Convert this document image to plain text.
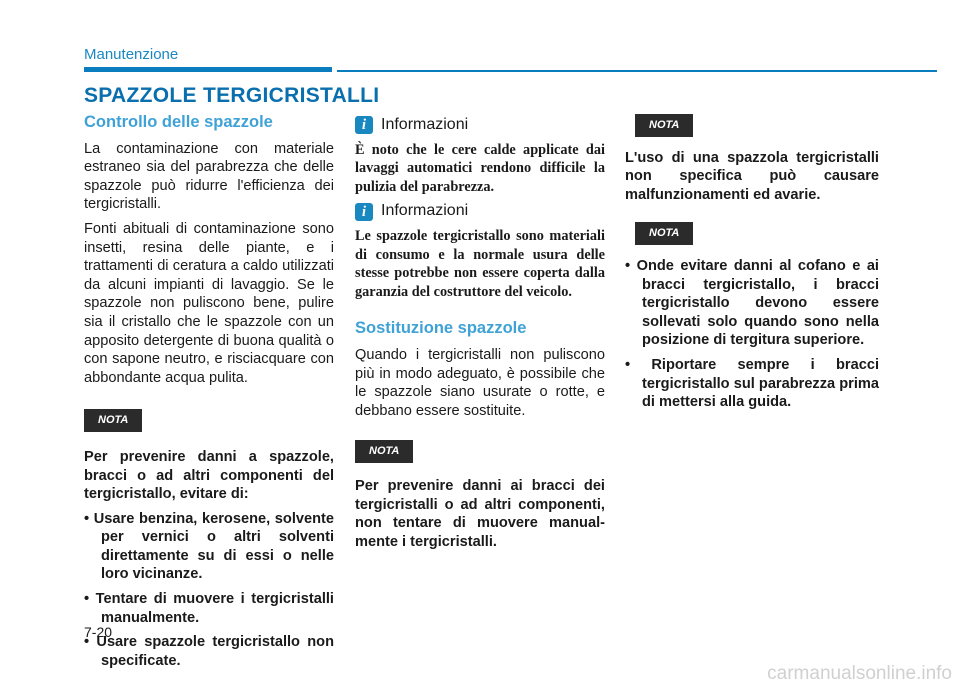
Manutenzione
SPAZZOLE TERGICRISTALLI
Controllo delle spazzole

La contaminazione con materiale estraneo sia del parabrezza che delle spazzole può ridurre l'efficienza dei tergicristalli.

Fonti abituali di contaminazione sono insetti, resina delle piante, e i trattamenti di ceratura a caldo utilizzati da alcuni impianti di lavaggio. Se le spazzole non puliscono bene, pulire sia il cristallo che le spazzole con un apposito detergente di buona qualità o con sapone neutro, e risciacquare con abbondante acqua pulita.

NOTA

Per prevenire danni a spazzole, bracci o ad altri componenti del tergicristallo, evitare di:

• Usare benzina, kerosene, solvente per vernici o altri solventi direttamente su di essi o nelle loro vicinanze.
• Tentare di muovere i tergicristalli manualmente.
• Usare spazzole tergicristallo non specificate.
i Informazioni

È noto che le cere calde applicate dai lavaggi automatici rendono difficile la pulizia del parabrezza.

i Informazioni

Le spazzole tergicristallo sono materiali di consumo e la normale usura delle stesse potrebbe non essere coperta dalla garanzia del costruttore del veicolo.

Sostituzione spazzole

Quando i tergicristalli non puliscono più in modo adeguato, è possibile che le spazzole siano usurate o rotte, e debbano essere sostituite.

NOTA

Per prevenire danni ai bracci dei tergicristalli o ad altri componenti, non tentare di muovere manual-mente i tergicristalli.

NOTA

L'uso di una spazzola tergicristalli non specifica può causare malfunzionamenti ed avarie.

NOTA
• Onde evitare danni al cofano e ai bracci tergicristallo, i bracci tergicristallo devono essere sollevati solo quando sono nella posizione di tergitura superiore.
• Riportare sempre i bracci tergicristallo sul parabrezza prima di mettersi alla guida.
7-20
carmanualsonline.info
